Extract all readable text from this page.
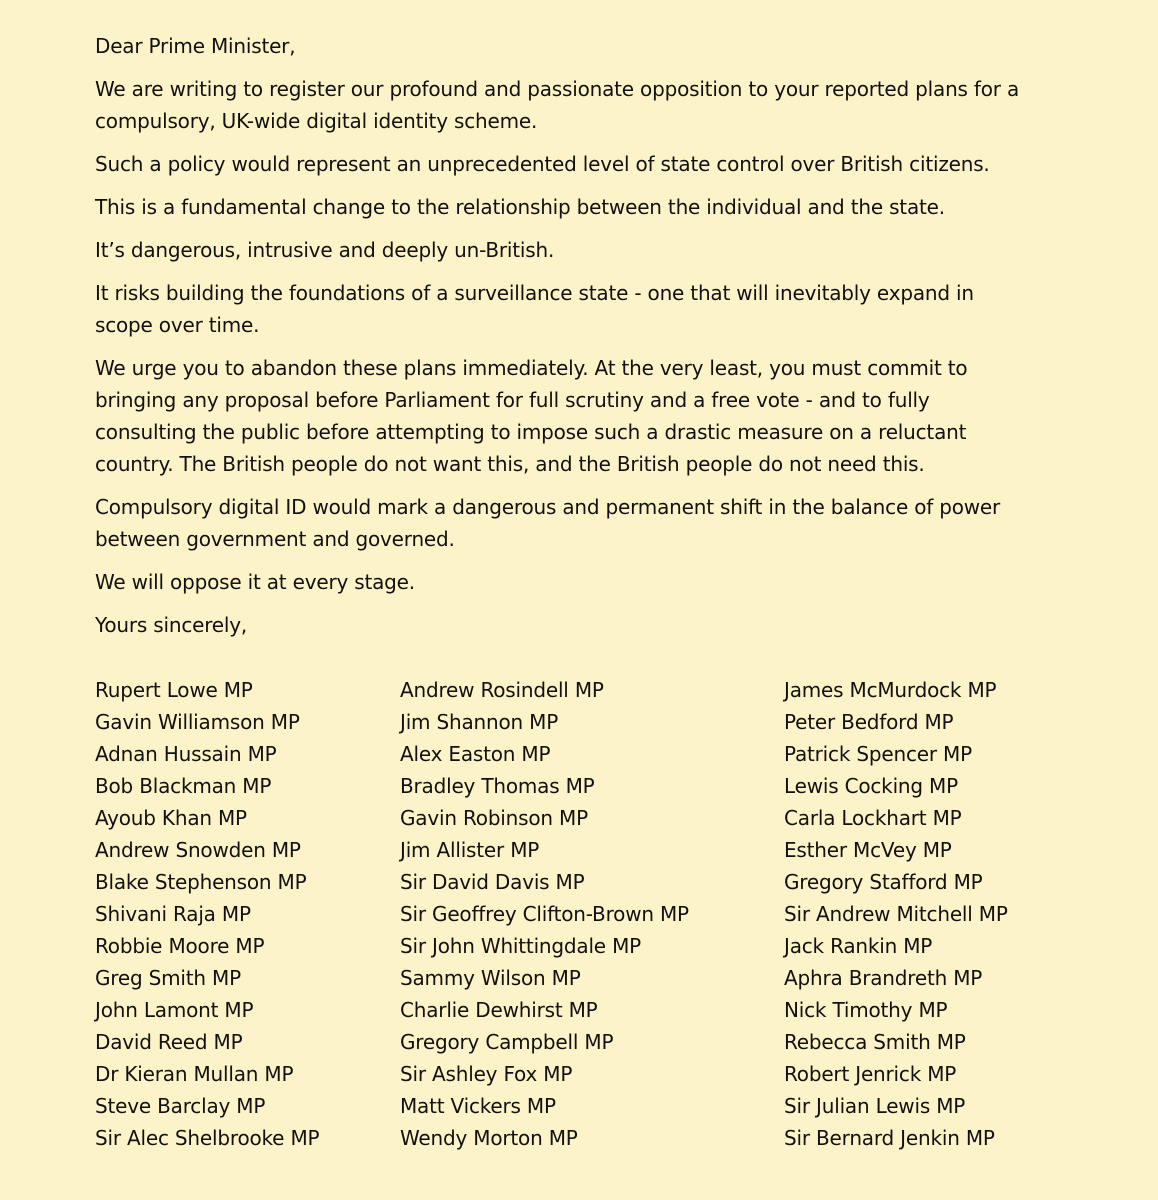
Dear Prime Minister,

We are writing to register our profound and passionate opposition to your reported plans for a compulsory, UK-wide digital identity scheme.

Such a policy would represent an unprecedented level of state control over British citizens.

This is a fundamental change to the relationship between the individual and the state.

It’s dangerous, intrusive and deeply un-British.

It risks building the foundations of a surveillance state - one that will inevitably expand in scope over time.

We urge you to abandon these plans immediately. At the very least, you must commit to bringing any proposal before Parliament for full scrutiny and a free vote - and to fully consulting the public before attempting to impose such a drastic measure on a reluctant country. The British people do not want this, and the British people do not need this.

Compulsory digital ID would mark a dangerous and permanent shift in the balance of power between government and governed.

We will oppose it at every stage.

Yours sincerely,

Rupert Lowe MP
Gavin Williamson MP
Adnan Hussain MP
Bob Blackman MP
Ayoub Khan MP
Andrew Snowden MP
Blake Stephenson MP
Shivani Raja MP
Robbie Moore MP
Greg Smith MP
John Lamont MP
David Reed MP
Dr Kieran Mullan MP
Steve Barclay MP
Sir Alec Shelbrooke MP
Andrew Rosindell MP
Jim Shannon MP
Alex Easton MP
Bradley Thomas MP
Gavin Robinson MP
Jim Allister MP
Sir David Davis MP
Sir Geoffrey Clifton-Brown MP
Sir John Whittingdale MP
Sammy Wilson MP
Charlie Dewhirst MP
Gregory Campbell MP
Sir Ashley Fox MP
Matt Vickers MP
Wendy Morton MP
James McMurdock MP
Peter Bedford MP
Patrick Spencer MP
Lewis Cocking MP
Carla Lockhart MP
Esther McVey MP
Gregory Stafford MP
Sir Andrew Mitchell MP
Jack Rankin MP
Aphra Brandreth MP
Nick Timothy MP
Rebecca Smith MP
Robert Jenrick MP
Sir Julian Lewis MP
Sir Bernard Jenkin MP
